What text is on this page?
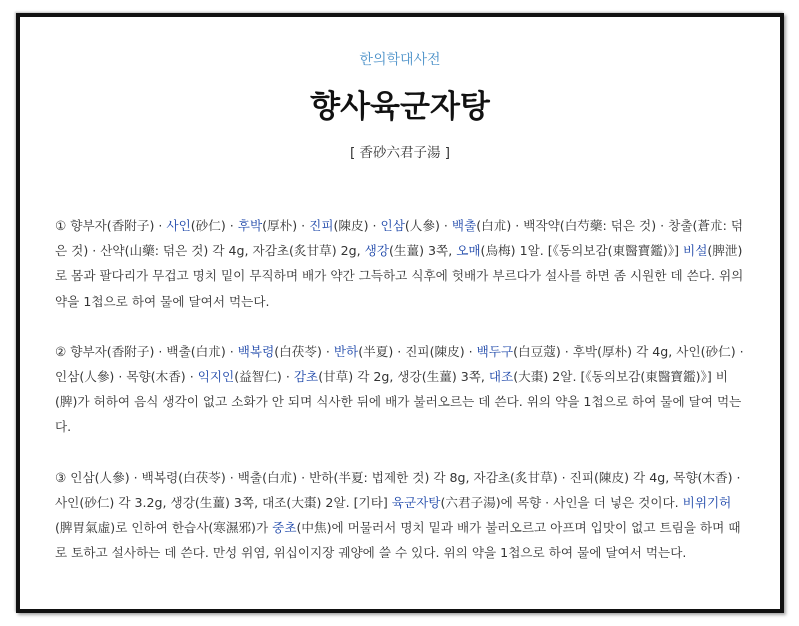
한의학대사전
향사육군자탕
[ 香砂六君子湯 ]

① 향부자(香附子) · 사인(砂仁) · 후박(厚朴) · 진피(陳皮) · 인삼(人參) · 백출(白朮) · 백작약(白芍藥: 덖은 것) · 창출(蒼朮: 덖은 것) · 산약(山藥: 덖은 것) 각 4g, 자감초(炙甘草) 2g, 생강(生薑) 3쪽, 오매(烏梅) 1알. [《동의보감(東醫寶鑑)》] 비설(脾泄)로 몸과 팔다리가 무겁고 명치 밑이 무직하며 배가 약간 그득하고 식후에 헛배가 부르다가 설사를 하면 좀 시원한 데 쓴다. 위의 약을 1첩으로 하여 물에 달여서 먹는다.

② 향부자(香附子) · 백출(白朮) · 백복령(白茯苓) · 반하(半夏) · 진피(陳皮) · 백두구(白豆蔻) · 후박(厚朴) 각 4g, 사인(砂仁) · 인삼(人參) · 목향(木香) · 익지인(益智仁) · 감초(甘草) 각 2g, 생강(生薑) 3쪽, 대조(大棗) 2알. [《동의보감(東醫寶鑑)》] 비(脾)가 허하여 음식 생각이 없고 소화가 안 되며 식사한 뒤에 배가 불러오르는 데 쓴다. 위의 약을 1첩으로 하여 물에 달여 먹는다.

③ 인삼(人參) · 백복령(白茯苓) · 백출(白朮) · 반하(半夏: 법제한 것) 각 8g, 자감초(炙甘草) · 진피(陳皮) 각 4g, 목향(木香) · 사인(砂仁) 각 3.2g, 생강(生薑) 3쪽, 대조(大棗) 2알. [기타] 육군자탕(六君子湯)에 목향 · 사인을 더 넣은 것이다. 비위기허(脾胃氣虛)로 인하여 한습사(寒濕邪)가 중초(中焦)에 머물러서 명치 밑과 배가 불러오르고 아프며 입맛이 없고 트림을 하며 때로 토하고 설사하는 데 쓴다. 만성 위염, 위십이지장 궤양에 쓸 수 있다. 위의 약을 1첩으로 하여 물에 달여서 먹는다.
